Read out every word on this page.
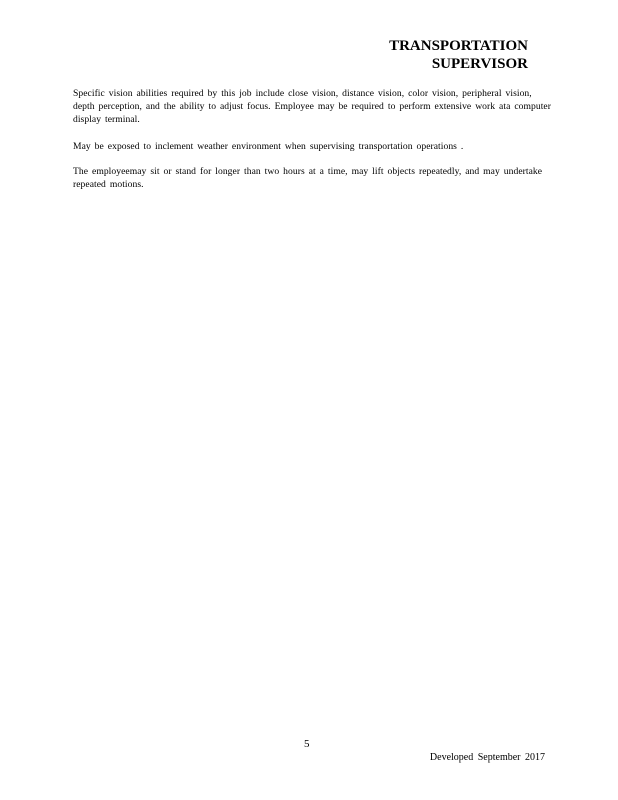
TRANSPORTATION
SUPERVISOR

Specific vision abilities required by this job include close vision, distance vision, color vision, peripheral vision, depth perception, and the ability to adjust focus. Employee may be required to perform extensive work ata computer display terminal.

May be exposed to inclement weather environment when supervising transportation operations .

The employeemay sit or stand for longer than two hours at a time, may lift objects repeatedly, and may undertake repeated motions.

5
Developed September 2017
